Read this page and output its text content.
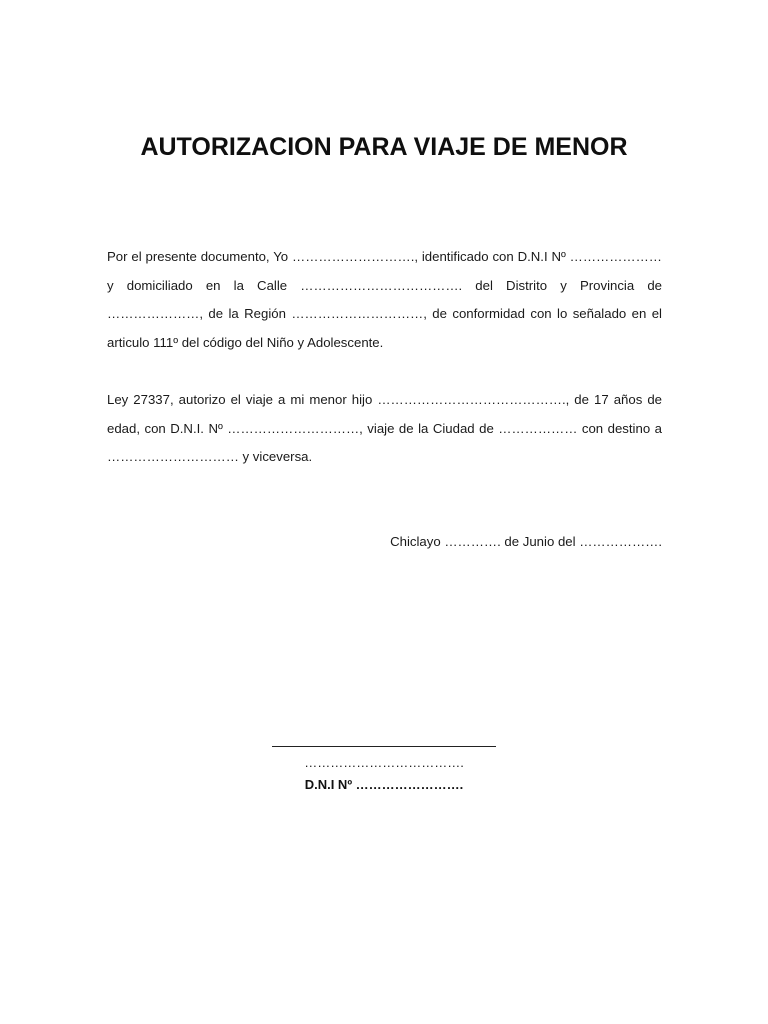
AUTORIZACION PARA VIAJE DE MENOR
Por el presente documento, Yo ………………………., identificado con D.N.I Nº ………………… y domiciliado en la Calle ………………………………. del Distrito y Provincia de …………………, de la Región …………………………, de conformidad con lo señalado en el articulo 111º del código del Niño y Adolescente.
Ley 27337, autorizo el viaje a mi menor hijo ……………………………………., de 17 años de edad, con D.N.I. Nº …………………………, viaje de la Ciudad de ……………… con destino a ………………………… y viceversa.
Chiclayo …………. de Junio del ……………….
……………………………….
D.N.I Nº …………………….
